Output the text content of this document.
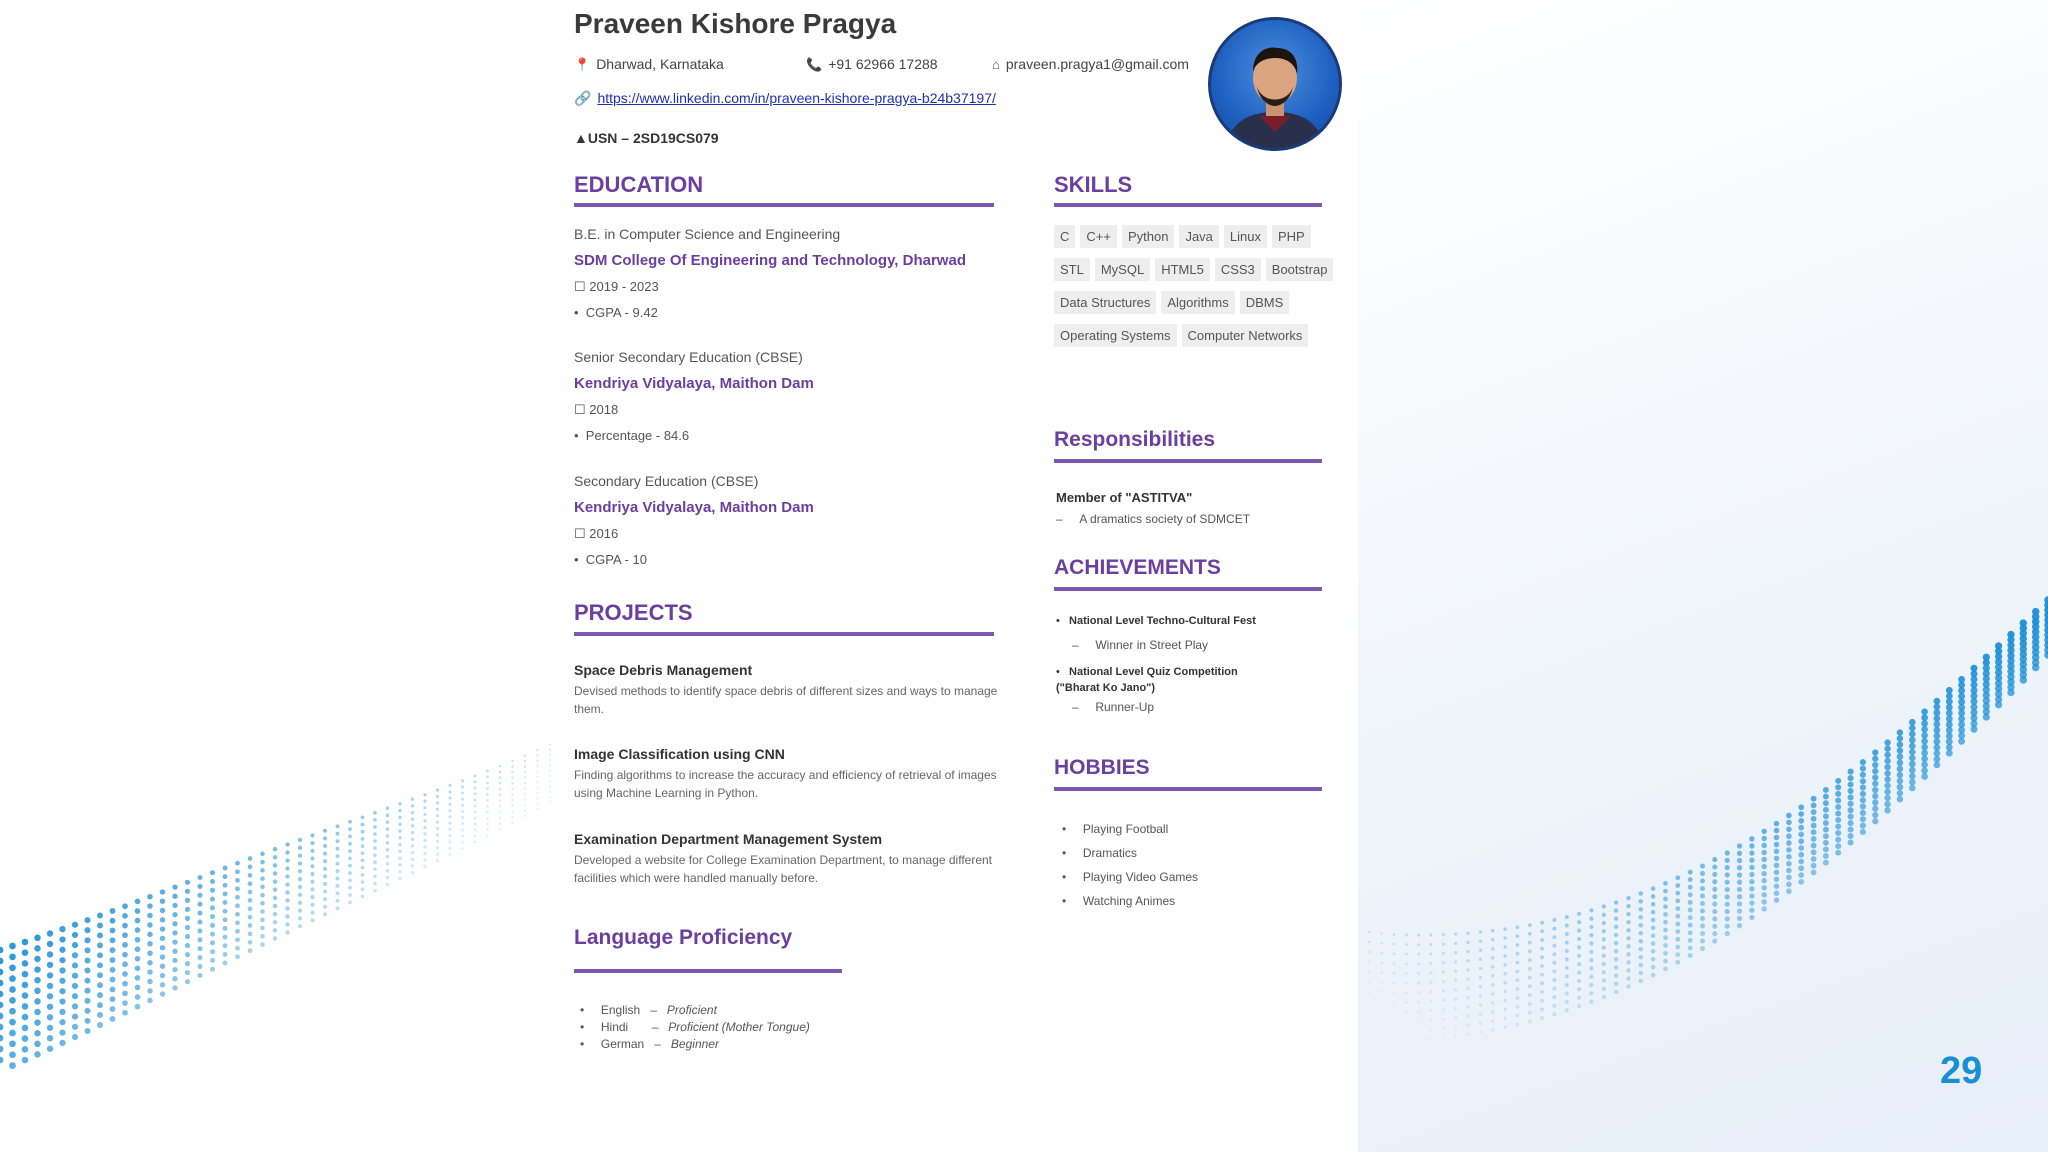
29
Praveen Kishore Pragya
📍 Dharwad, Karnataka	📞 +91 62966 17288	⌂ praveen.pragya1@gmail.com
🔗 https://www.linkedin.com/in/praveen-kishore-pragya-b24b37197/
▲USN – 2SD19CS079
EDUCATION
B.E. in Computer Science and Engineering
SDM College Of Engineering and Technology, Dharwad
☐ 2019 - 2023
•  CGPA - 9.42
Senior Secondary Education (CBSE)
Kendriya Vidyalaya, Maithon Dam
☐ 2018
•  Percentage - 84.6
Secondary Education (CBSE)
Kendriya Vidyalaya, Maithon Dam
☐ 2016
•  CGPA - 10
PROJECTS
Space Debris Management
Devised methods to identify space debris of different sizes and ways to manage them.
Image Classification using CNN
Finding algorithms to increase the accuracy and efficiency of retrieval of images using Machine Learning in Python.
Examination Department Management System
Developed a website for College Examination Department, to manage different facilities which were handled manually before.
Language Proficiency
•     English   –   Proficient
•     Hindi       –   Proficient (Mother Tongue)
•     German   –   Beginner
SKILLS
C C++ Python Java Linux PHPSTL MySQL HTML5 CSS3 BootstrapData Structures Algorithms DBMSOperating Systems Computer Networks
Responsibilities
Member of "ASTITVA"
–     A dramatics society of SDMCET
ACHIEVEMENTS
•   National Level Techno-Cultural Fest
–     Winner in Street Play
•   National Level Quiz Competition ("Bharat Ko Jano")
–     Runner-Up
HOBBIES
•     Playing Football
•     Dramatics
•     Playing Video Games
•     Watching Animes
